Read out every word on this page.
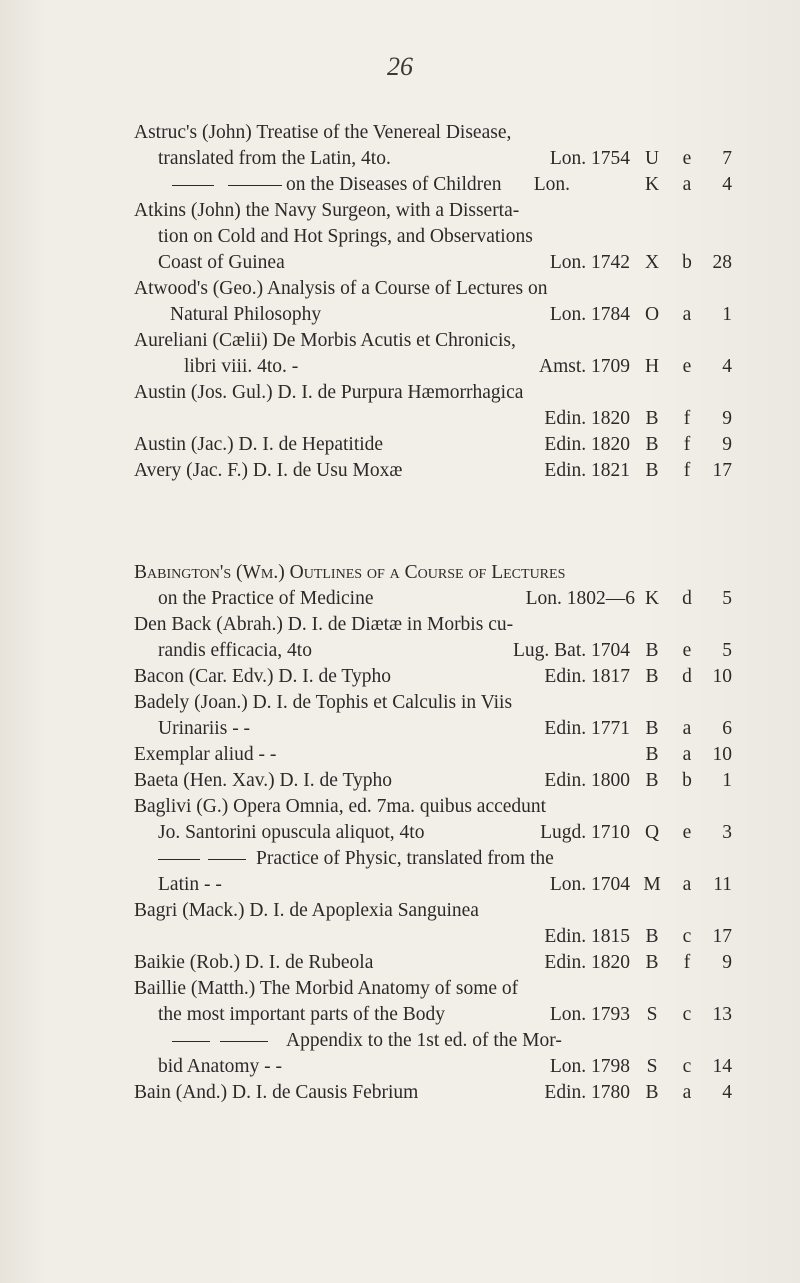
26
Astruc's (John) Treatise of the Venereal Disease,
translated from the Latin, 4to.	Lon. 1754 U	e	7
on the Diseases of Children	Lon.	K	a	4
Atkins (John) the Navy Surgeon, with a Disserta-
tion on Cold and Hot Springs, and Observations
Coast of Guinea	Lon. 1742 X	b	28
Atwood's (Geo.) Analysis of a Course of Lectures on
Natural Philosophy	Lon. 1784 O	a	1
Aureliani (Cælii) De Morbis Acutis et Chronicis,
libri viii. 4to. -	Amst. 1709 H	e	4
Austin (Jos. Gul.) D. I. de Purpura Hæmorrhagica
Edin. 1820 B	f	9
Austin (Jac.) D. I. de Hepatitide	Edin. 1820 B	f	9
Avery (Jac. F.) D. I. de Usu Moxæ	Edin. 1821 B	f	17
Babington's (Wm.) Outlines of a Course of Lectures
on the Practice of Medicine	Lon. 1802—6 K	d	5
Den Back (Abrah.) D. I. de Diætæ in Morbis cu-
randis efficacia, 4to	Lug. Bat. 1704 B	e	5
Bacon (Car. Edv.) D. I. de Typho	Edin. 1817 B	d	10
Badely (Joan.) D. I. de Tophis et Calculis in Viis
Urinariis - -	Edin. 1771 B	a	6
Exemplar aliud - -	B	a	10
Baeta (Hen. Xav.) D. I. de Typho	Edin. 1800 B	b	1
Baglivi (G.) Opera Omnia, ed. 7ma. quibus accedunt
Jo. Santorini opuscula aliquot, 4to	Lugd. 1710 Q	e	3
Practice of Physic, translated from the
Latin - -	Lon. 1704 M	a	11
Bagri (Mack.) D. I. de Apoplexia Sanguinea
Edin. 1815 B	c	17
Baikie (Rob.) D. I. de Rubeola	Edin. 1820 B	f	9
Baillie (Matth.) The Morbid Anatomy of some of
the most important parts of the Body	Lon. 1793 S	c	13
Appendix to the 1st ed. of the Mor-
bid Anatomy - -	Lon. 1798 S	c	14
Bain (And.) D. I. de Causis Febrium	Edin. 1780 B	a	4
